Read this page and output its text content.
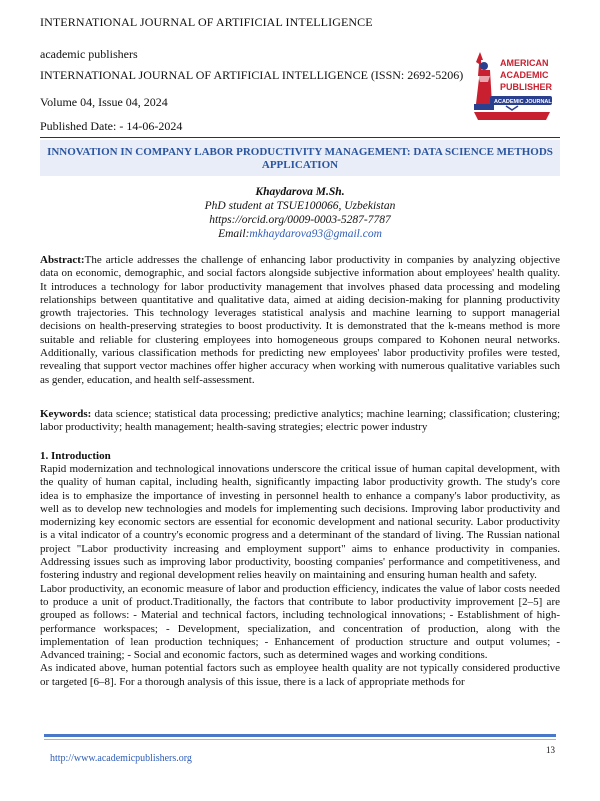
INTERNATIONAL JOURNAL OF ARTIFICIAL INTELLIGENCE
academic publishers
INTERNATIONAL JOURNAL OF ARTIFICIAL INTELLIGENCE (ISSN: 2692-5206)
Volume 04, Issue 04, 2024
Published Date: - 14-06-2024
AMERICAN
ACADEMIC
PUBLISHER
ACADEMIC JOURNALS
INNOVATION IN COMPANY LABOR PRODUCTIVITY MANAGEMENT: DATA SCIENCE METHODS APPLICATION
Khaydarova M.Sh.
PhD student at TSUE100066, Uzbekistan
https://orcid.org/0009-0003-5287-7787
Email:mkhaydarova93@gmail.com
Abstract:The article addresses the challenge of enhancing labor productivity in companies by analyzing objective data on economic, demographic, and social factors alongside subjective information about employees' health quality. It introduces a technology for labor productivity management that involves phased data processing and modeling relationships between quantitative and qualitative data, aimed at aiding decision-making for planning productivity growth trajectories. This technology leverages statistical analysis and machine learning to support managerial decisions on health-preserving strategies to boost productivity. It is demonstrated that the k-means method is more suitable and reliable for clustering employees into homogeneous groups compared to Kohonen neural networks. Additionally, various classification methods for predicting new employees' labor productivity profiles were tested, revealing that support vector machines offer higher accuracy when working with numerous qualitative variables such as gender, education, and health self-assessment.
Keywords: data science; statistical data processing; predictive analytics; machine learning; classification; clustering; labor productivity; health management; health-saving strategies; electric power industry
1. Introduction

Rapid modernization and technological innovations underscore the critical issue of human capital development, with the quality of human capital, including health, significantly impacting labor productivity growth. The study's core idea is to emphasize the importance of investing in personnel health to enhance a company's labor productivity, as well as to develop new technologies and models for implementing such decisions. Improving labor productivity and modernizing key economic sectors are essential for economic development and national security. Labor productivity is a vital indicator of a country's economic progress and a determinant of the standard of living. The Russian national project "Labor productivity increasing and employment support" aims to enhance productivity in companies. Addressing issues such as improving labor productivity, boosting companies' performance and competitiveness, and fostering industry and regional development relies heavily on maintaining and ensuring human health and safety.

Labor productivity, an economic measure of labor and production efficiency, indicates the value of labor costs needed to produce a unit of product.Traditionally, the factors that contribute to labor productivity improvement [2–5] are grouped as follows: - Material and technical factors, including technological innovations; - Establishment of high-performance workspaces; - Development, specialization, and concentration of production, along with the implementation of lean production techniques; - Enhancement of production structure and output volumes; - Advanced training; - Social and economic factors, such as determined wages and working conditions.

As indicated above, human potential factors such as employee health quality are not typically considered productive or targeted [6–8]. For a thorough analysis of this issue, there is a lack of appropriate methods for

13
http://www.academicpublishers.org
